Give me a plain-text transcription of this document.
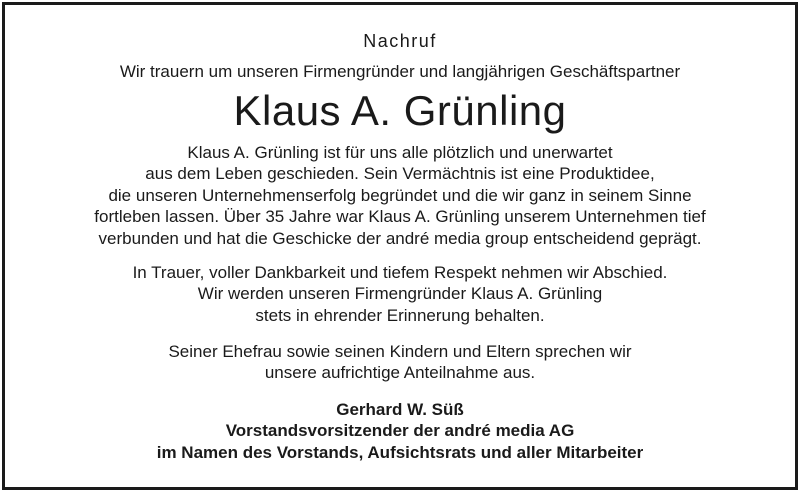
Nachruf
Wir trauern um unseren Firmengründer und langjährigen Geschäftspartner
Klaus A. Grünling
Klaus A. Grünling ist für uns alle plötzlich und unerwartet
aus dem Leben geschieden. Sein Vermächtnis ist eine Produktidee,
die unseren Unternehmenserfolg begründet und die wir ganz in seinem Sinne
fortleben lassen. Über 35 Jahre war Klaus A. Grünling unserem Unternehmen tief
verbunden und hat die Geschicke der andré media group entscheidend geprägt.
In Trauer, voller Dankbarkeit und tiefem Respekt nehmen wir Abschied.
Wir werden unseren Firmengründer Klaus A. Grünling
stets in ehrender Erinnerung behalten.
Seiner Ehefrau sowie seinen Kindern und Eltern sprechen wir
unsere aufrichtige Anteilnahme aus.
Gerhard W. Süß
Vorstandsvorsitzender der andré media AG
im Namen des Vorstands, Aufsichtsrats und aller Mitarbeiter
